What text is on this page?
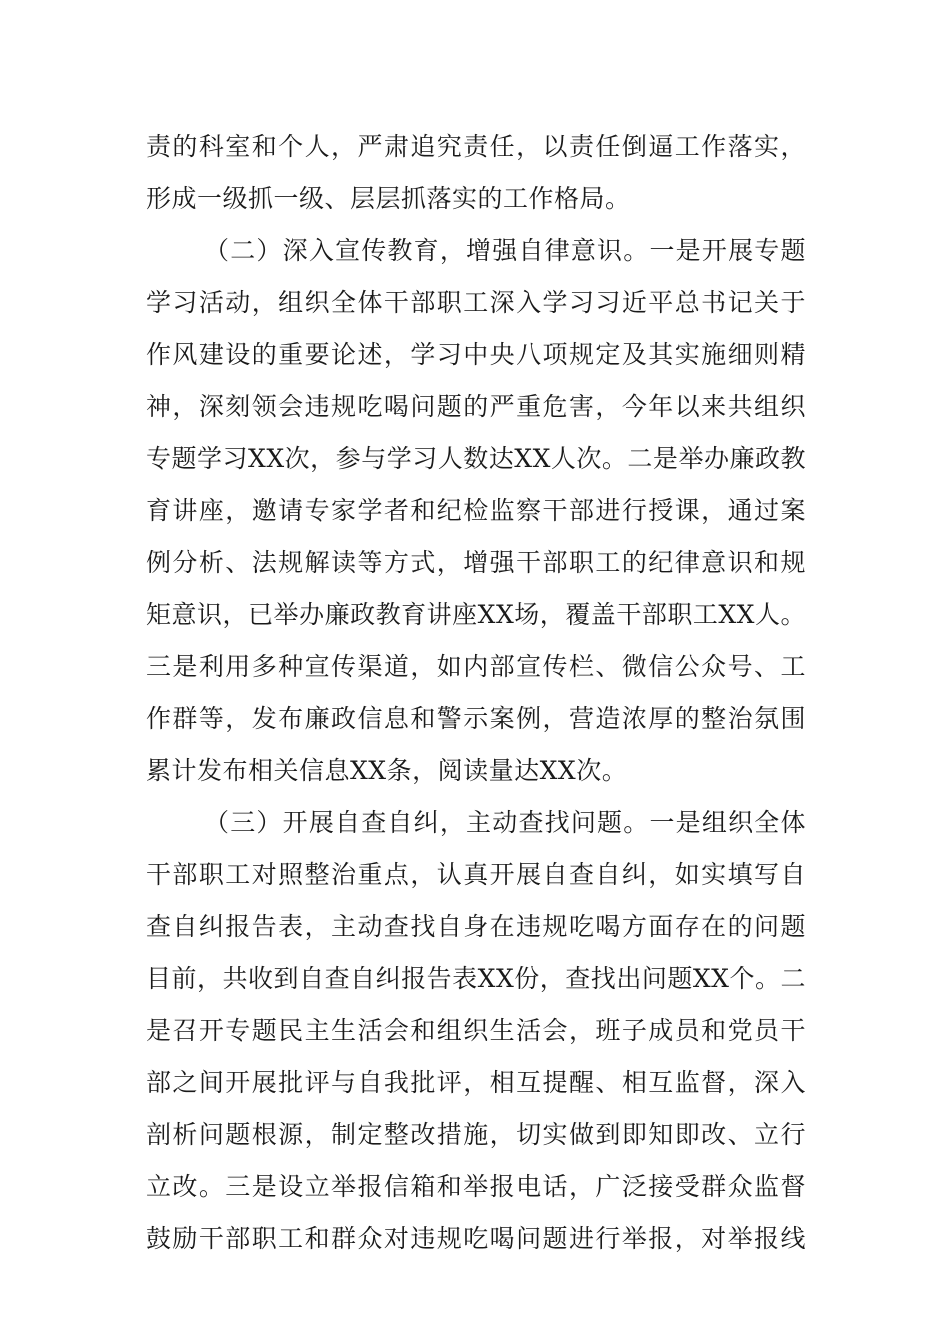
责的科室和个人，严肃追究责任，以责任倒逼工作落实，
形成一级抓一级、层层抓落实的工作格局。
（二）深入宣传教育，增强自律意识。一是开展专题
学习活动，组织全体干部职工深入学习习近平总书记关于
作风建设的重要论述，学习中央八项规定及其实施细则精
神，深刻领会违规吃喝问题的严重危害，今年以来共组织
专题学习XX次，参与学习人数达XX人次。二是举办廉政教
育讲座，邀请专家学者和纪检监察干部进行授课，通过案
例分析、法规解读等方式，增强干部职工的纪律意识和规
矩意识，已举办廉政教育讲座XX场，覆盖干部职工XX人。
三是利用多种宣传渠道，如内部宣传栏、微信公众号、工
作群等，发布廉政信息和警示案例，营造浓厚的整治氛围
累计发布相关信息XX条，阅读量达XX次。
（三）开展自查自纠，主动查找问题。一是组织全体
干部职工对照整治重点，认真开展自查自纠，如实填写自
查自纠报告表，主动查找自身在违规吃喝方面存在的问题
目前，共收到自查自纠报告表XX份，查找出问题XX个。二
是召开专题民主生活会和组织生活会，班子成员和党员干
部之间开展批评与自我批评，相互提醒、相互监督，深入
剖析问题根源，制定整改措施，切实做到即知即改、立行
立改。三是设立举报信箱和举报电话，广泛接受群众监督
鼓励干部职工和群众对违规吃喝问题进行举报，对举报线
